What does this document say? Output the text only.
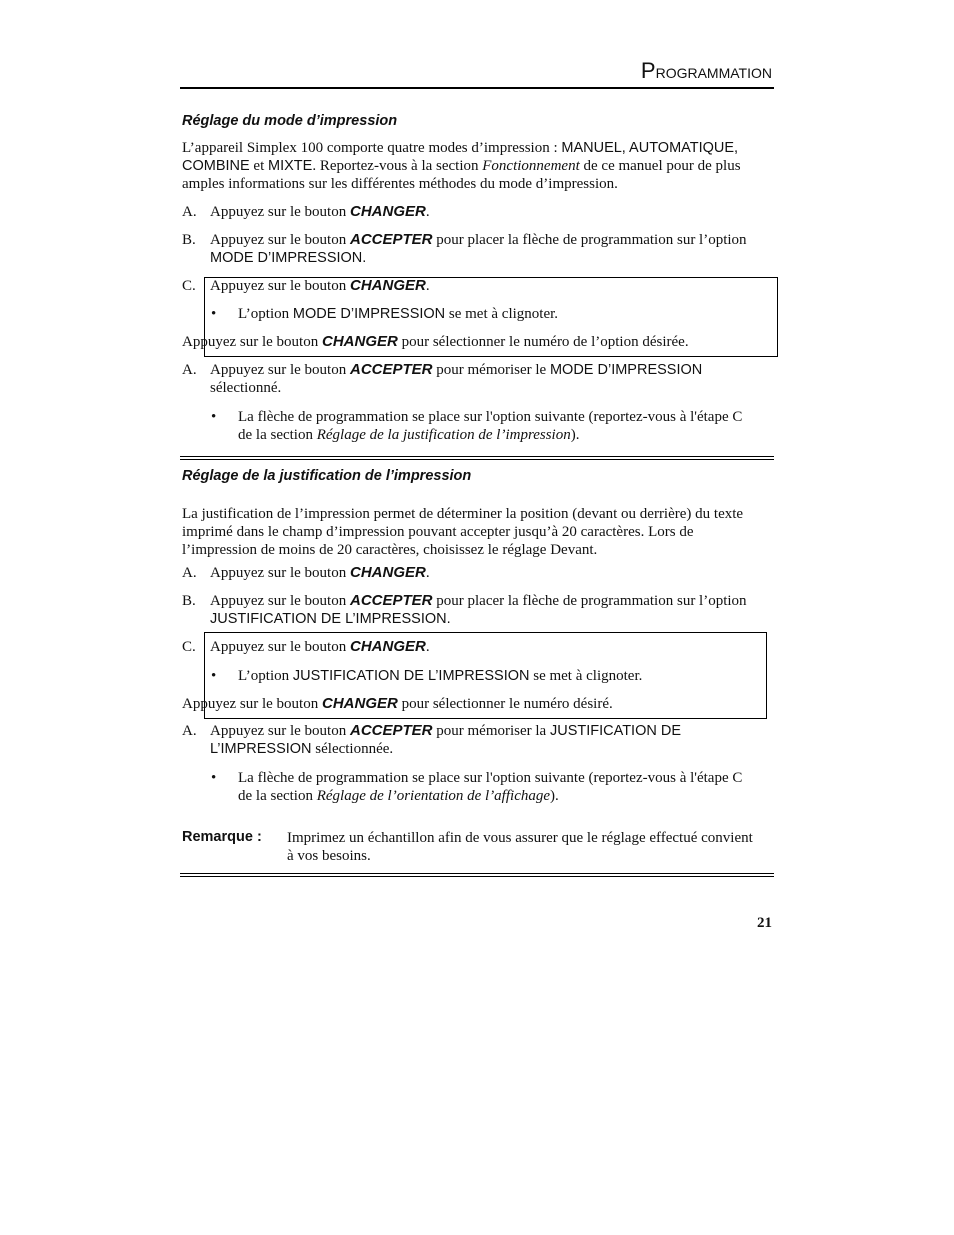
PROGRAMMATION
Réglage du mode d’impression
L’appareil Simplex 100 comporte quatre modes d’impression : MANUEL, AUTOMATIQUE,
COMBINE et MIXTE. Reportez-vous à la section Fonctionnement de ce manuel pour de plus
amples informations sur les différentes méthodes du mode d’impression.
A. Appuyez sur le bouton CHANGER.
B. Appuyez sur le bouton ACCEPTER pour placer la flèche de programmation sur l’option
MODE D’IMPRESSION.
C. Appuyez sur le bouton CHANGER.
• L’option MODE D’IMPRESSION se met à clignoter.
Appuyez sur le bouton CHANGER pour sélectionner le numéro de l’option désirée.
A. Appuyez sur le bouton ACCEPTER pour mémoriser le MODE D’IMPRESSION
sélectionné.
• La flèche de programmation se place sur l'option suivante (reportez-vous à l'étape C
de la section Réglage de la justification de l’impression).
Réglage de la justification de l’impression
La justification de l’impression permet de déterminer la position (devant ou derrière) du texte
imprimé dans le champ d’impression pouvant accepter jusqu’à 20 caractères. Lors de
l’impression de moins de 20 caractères, choisissez le réglage Devant.
A. Appuyez sur le bouton CHANGER.
B. Appuyez sur le bouton ACCEPTER pour placer la flèche de programmation sur l’option
JUSTIFICATION DE L’IMPRESSION.
C. Appuyez sur le bouton CHANGER.
• L’option JUSTIFICATION DE L’IMPRESSION se met à clignoter.
Appuyez sur le bouton CHANGER pour sélectionner le numéro désiré.
A. Appuyez sur le bouton ACCEPTER pour mémoriser la JUSTIFICATION DE
L’IMPRESSION sélectionnée.
• La flèche de programmation se place sur l'option suivante (reportez-vous à l'étape C
de la section Réglage de l’orientation de l’affichage).
Remarque : Imprimez un échantillon afin de vous assurer que le réglage effectué convient
à vos besoins.
21
